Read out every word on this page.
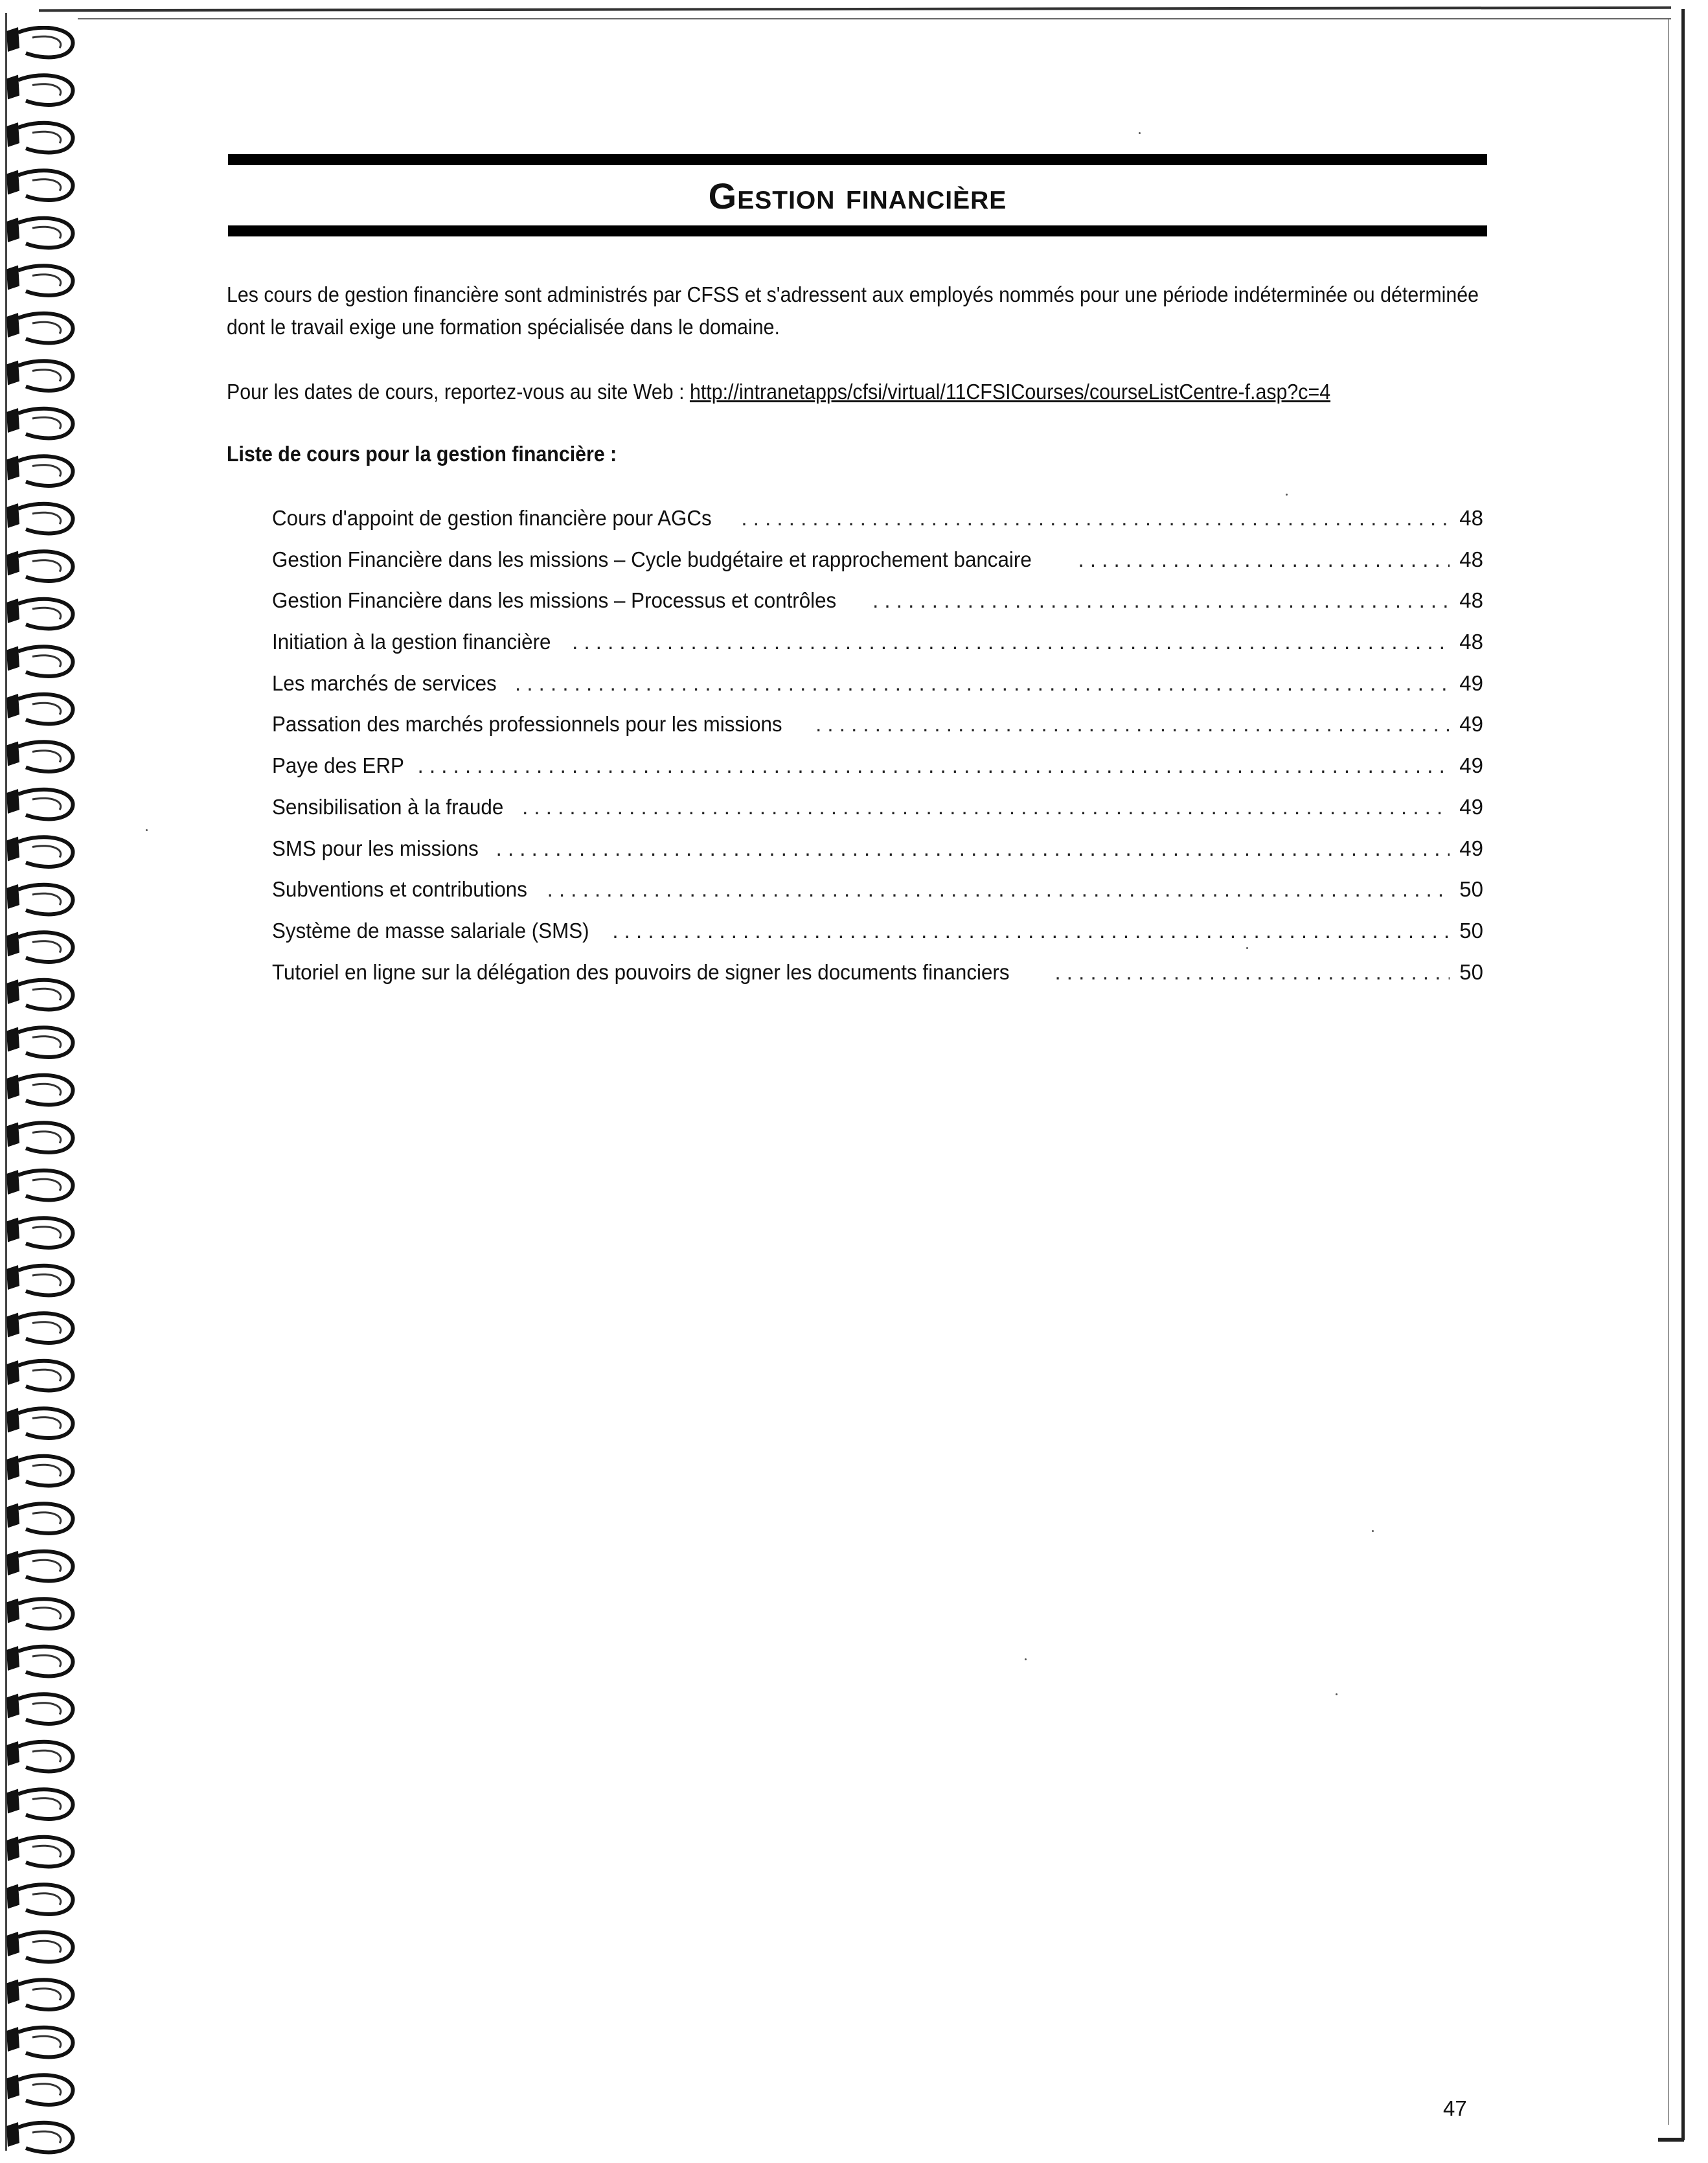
Gestion financière

Les cours de gestion financière sont administrés par CFSS et s'adressent aux employés nommés pour une période indéterminée ou déterminée dont le travail exige une formation spécialisée dans le domaine.

Pour les dates de cours, reportez-vous au site Web : http://intranetapps/cfsi/virtual/11CFSICourses/courseListCentre-f.asp?c=4

Liste de cours pour la gestion financière :

Cours d'appoint de gestion financière pour AGCs . . .	48
Gestion Financière dans les missions – Cycle budgétaire et rapprochement bancaire . . .	48
Gestion Financière dans les missions – Processus et contrôles . . .	48
Initiation à la gestion financière . . .	48
Les marchés de services . . .	49
Passation des marchés professionnels pour les missions . . .	49
Paye des ERP . . .	49
Sensibilisation à la fraude . . .	49
SMS pour les missions . . .	49
Subventions et contributions . . .	50
Système de masse salariale (SMS) . . .	50
Tutoriel en ligne sur la délégation des pouvoirs de signer les documents financiers . . .	50

47
